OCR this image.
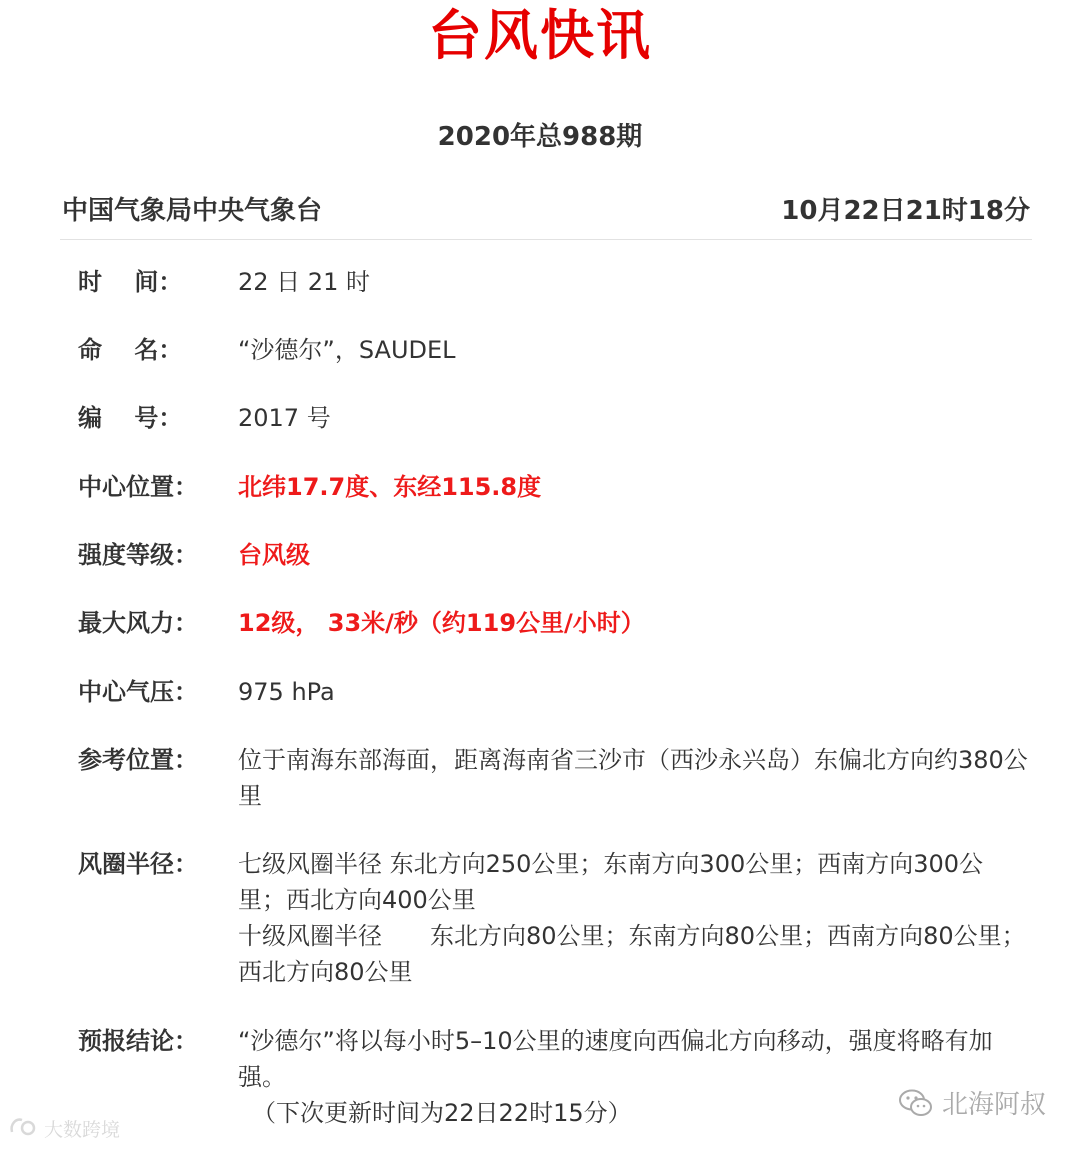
台风快讯
2020年总988期
中国气象局中央气象台	10月22日21时18分
时　 间：	22 日 21 时
命　 名：	“沙德尔”，SAUDEL
编　 号：	2017 号
中心位置：	北纬17.7度、东经115.8度
强度等级：	台风级
最大风力：	12级， 33米/秒（约119公里/小时）
中心气压：	975 hPa
参考位置：	位于南海东部海面，距离海南省三沙市（西沙永兴岛）东偏北方向约380公里
风圈半径：	七级风圈半径 东北方向250公里；东南方向300公里；西南方向300公里；西北方向400公里

十级风圈半径　　东北方向80公里；东南方向80公里；西南方向80公里；西北方向80公里

预报结论：	“沙德尔”将以每小时5–10公里的速度向西偏北方向移动，强度将略有加强。

（下次更新时间为22日22时15分）

大数跨境
北海阿叔
